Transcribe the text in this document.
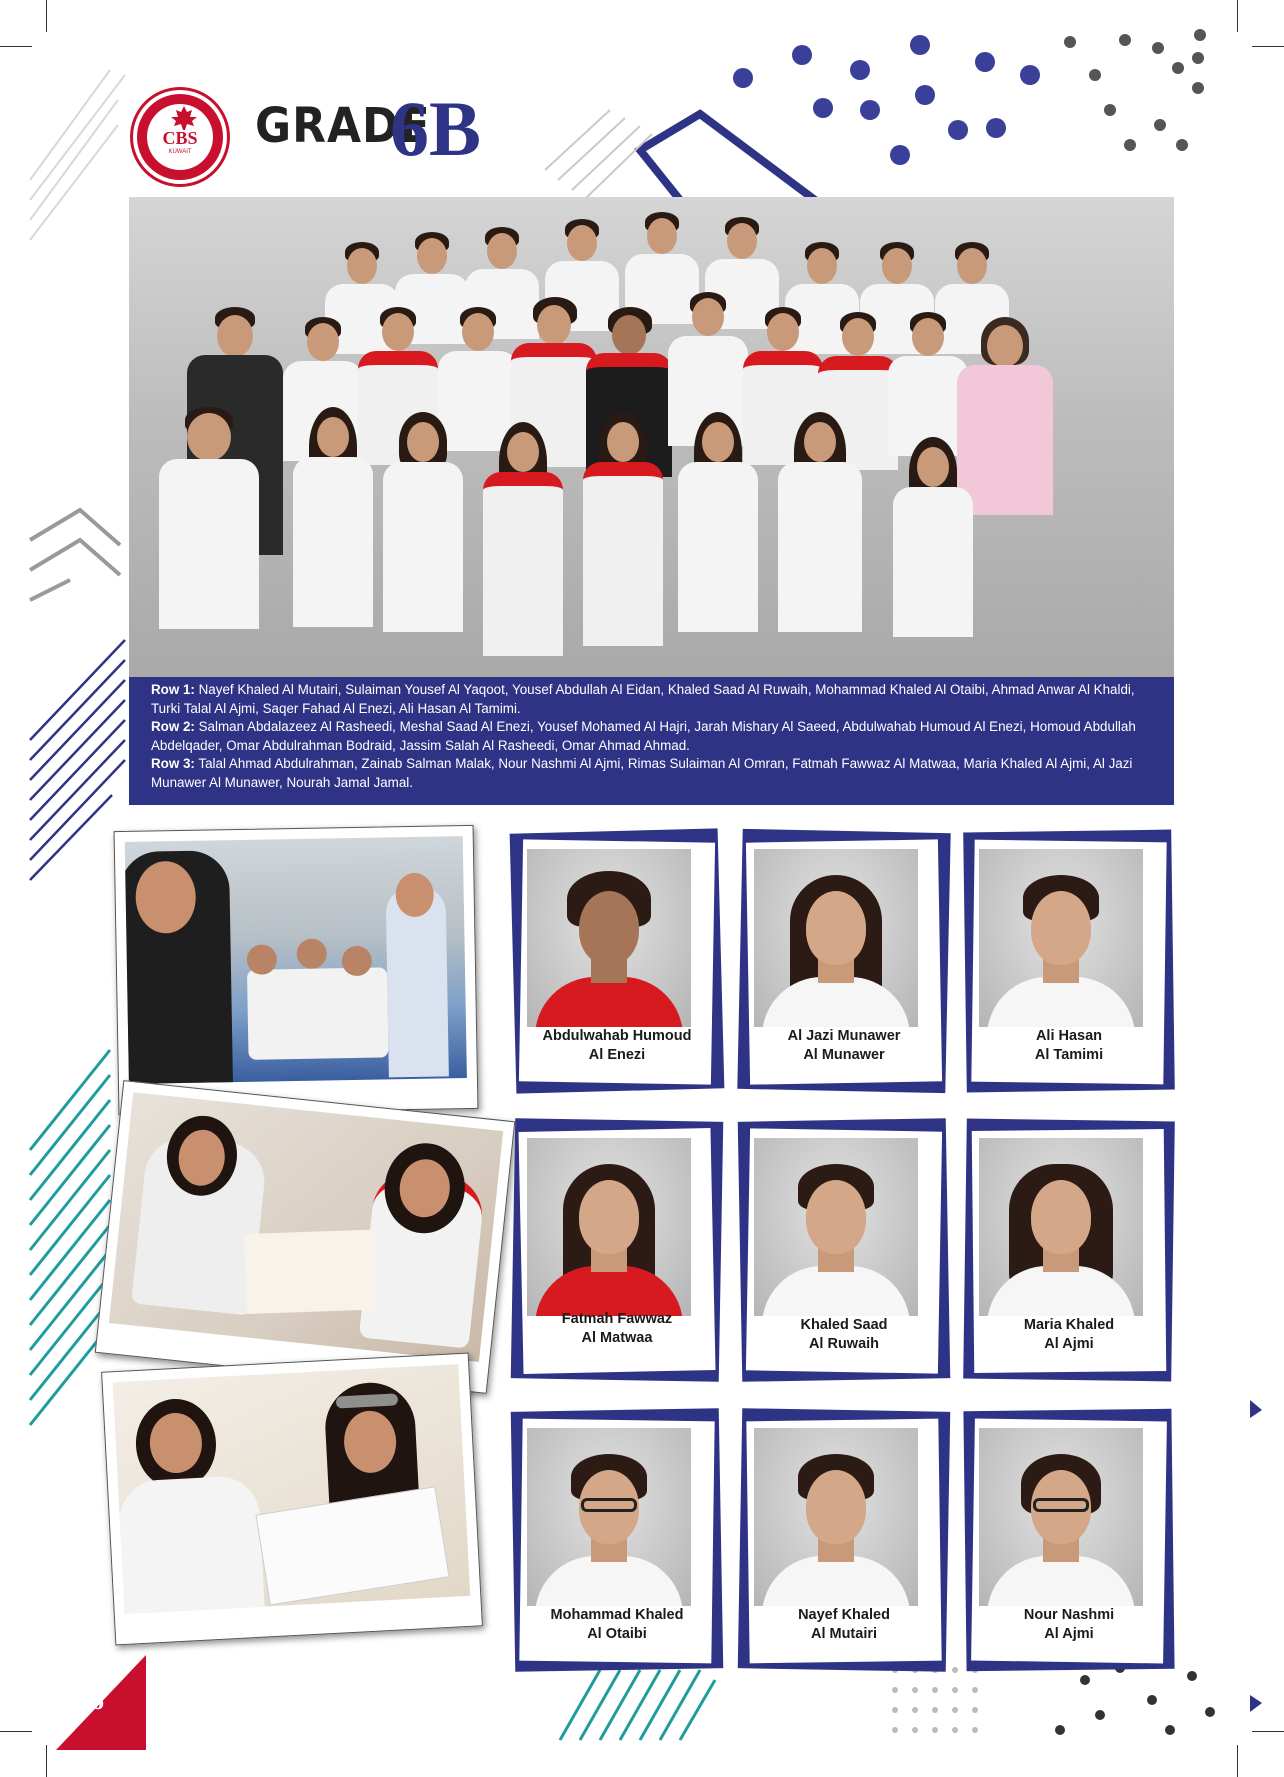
CBS
KUWAIT	GRADE
6B
Row 1: Nayef Khaled Al Mutairi, Sulaiman Yousef Al Yaqoot, Yousef Abdullah Al Eidan, Khaled Saad Al Ruwaih, Mohammad Khaled Al Otaibi, Ahmad Anwar Al Khaldi, Turki Talal Al Ajmi, Saqer Fahad Al Enezi, Ali Hasan Al Tamimi.
Row 2: Salman Abdalazeez Al Rasheedi, Meshal Saad Al Enezi, Yousef Mohamed Al Hajri, Jarah Mishary Al Saeed, Abdulwahab Humoud Al Enezi, Homoud Abdullah Abdelqader, Omar Abdulrahman Bodraid, Jassim Salah Al Rasheedi, Omar Ahmad Ahmad.
Row 3: Talal Ahmad Abdulrahman, Zainab Salman Malak, Nour Nashmi Al Ajmi, Rimas Sulaiman Al Omran, Fatmah Fawwaz Al Matwaa, Maria Khaled Al Ajmi, Al Jazi Munawer Al Munawer, Nourah Jamal Jamal.
Abdulwahab Humoud
Al Enezi
Al Jazi Munawer
Al Munawer
Ali Hasan
Al Tamimi
Fatmah Fawwaz
Al Matwaa
Khaled Saad
Al Ruwaih
Maria Khaled
Al Ajmi
Mohammad Khaled
Al Otaibi
Nayef Khaled
Al Mutairi
Nour Nashmi
Al Ajmi
66
